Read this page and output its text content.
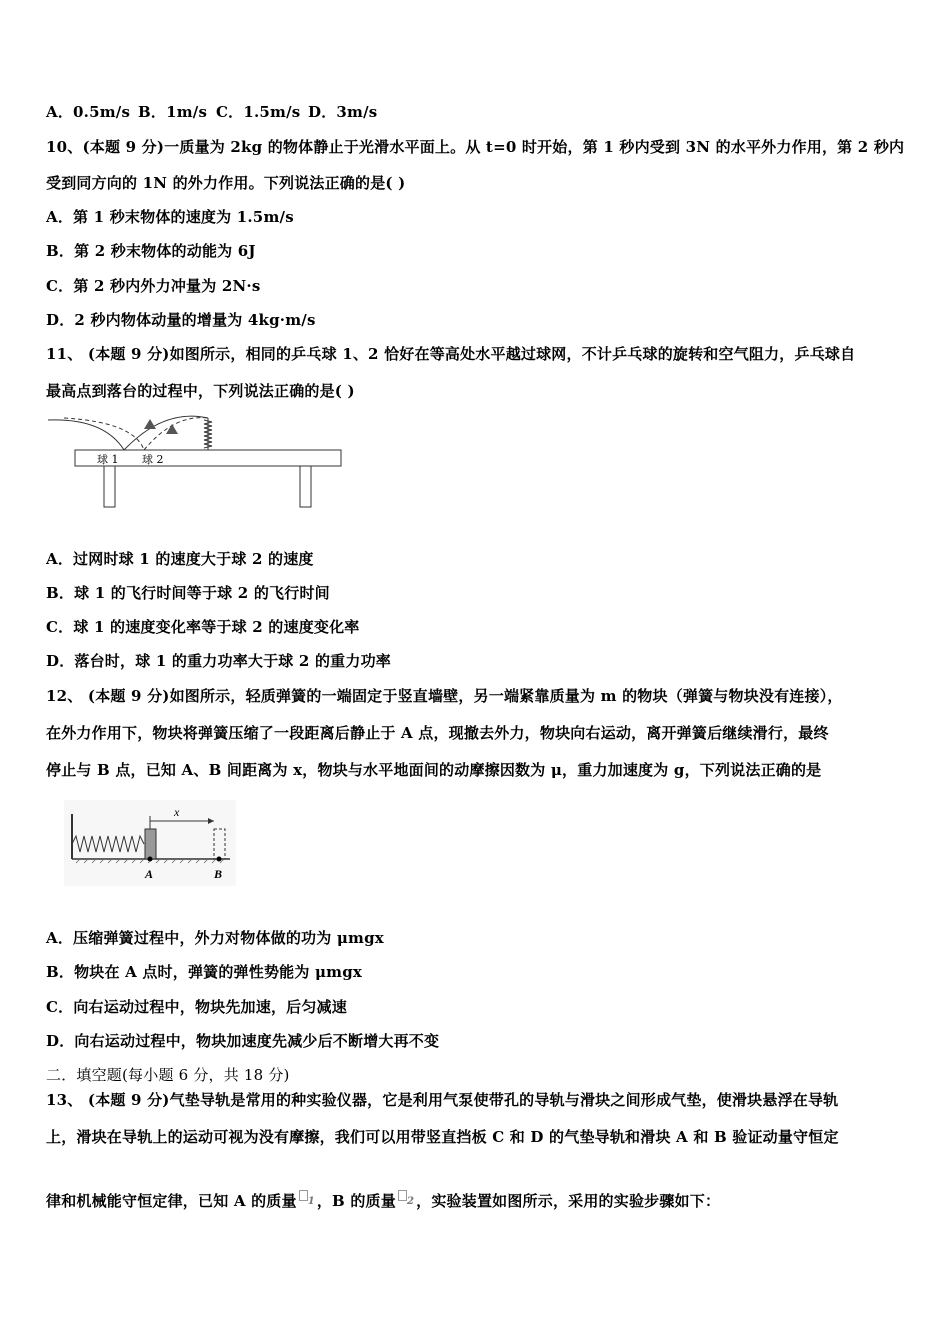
A．0.5m/s B．1m/s C．1.5m/s D．3m/s
10、(本题 9 分)一质量为 2kg 的物体静止于光滑水平面上。从 t=0 时开始，第 1 秒内受到 3N 的水平外力作用，第 2 秒内
受到同方向的 1N 的外力作用。下列说法正确的是( )
A．第 1 秒末物体的速度为 1.5m/s
B．第 2 秒末物体的动能为 6J
C．第 2 秒内外力冲量为 2N·s
D．2 秒内物体动量的增量为 4kg·m/s
11、 (本题 9 分)如图所示，相同的乒乓球 1、2 恰好在等高处水平越过球网，不计乒乓球的旋转和空气阻力，乒乓球自
最高点到落台的过程中，下列说法正确的是( )
球 1 球 2
A．过网时球 1 的速度大于球 2 的速度
B．球 1 的飞行时间等于球 2 的飞行时间
C．球 1 的速度变化率等于球 2 的速度变化率
D．落台时，球 1 的重力功率大于球 2 的重力功率
12、 (本题 9 分)如图所示，轻质弹簧的一端固定于竖直墙壁，另一端紧靠质量为 m 的物块（弹簧与物块没有连接），
在外力作用下，物块将弹簧压缩了一段距离后静止于 A 点，现撤去外力，物块向右运动，离开弹簧后继续滑行，最终
停止与 B 点，已知 A、B 间距离为 x，物块与水平地面间的动摩擦因数为 μ，重力加速度为 g，下列说法正确的是
x
A	B
A．压缩弹簧过程中，外力对物体做的功为 μmgx
B．物块在 A 点时，弹簧的弹性势能为 μmgx
C．向右运动过程中，物块先加速，后匀减速
D．向右运动过程中，物块加速度先减少后不断增大再不变
二．填空题(每小题 6 分，共 18 分)
13、 (本题 9 分)气垫导轨是常用的种实验仪器，它是利用气泵使带孔的导轨与滑块之间形成气垫，使滑块悬浮在导轨
上，滑块在导轨上的运动可视为没有摩擦，我们可以用带竖直挡板 C 和 D 的气垫导轨和滑块 A 和 B 验证动量守恒定
律和机械能守恒定律，已知 A 的质量 $^1$ ，B 的质量 $^2$ ，实验装置如图所示，采用的实验步骤如下：
